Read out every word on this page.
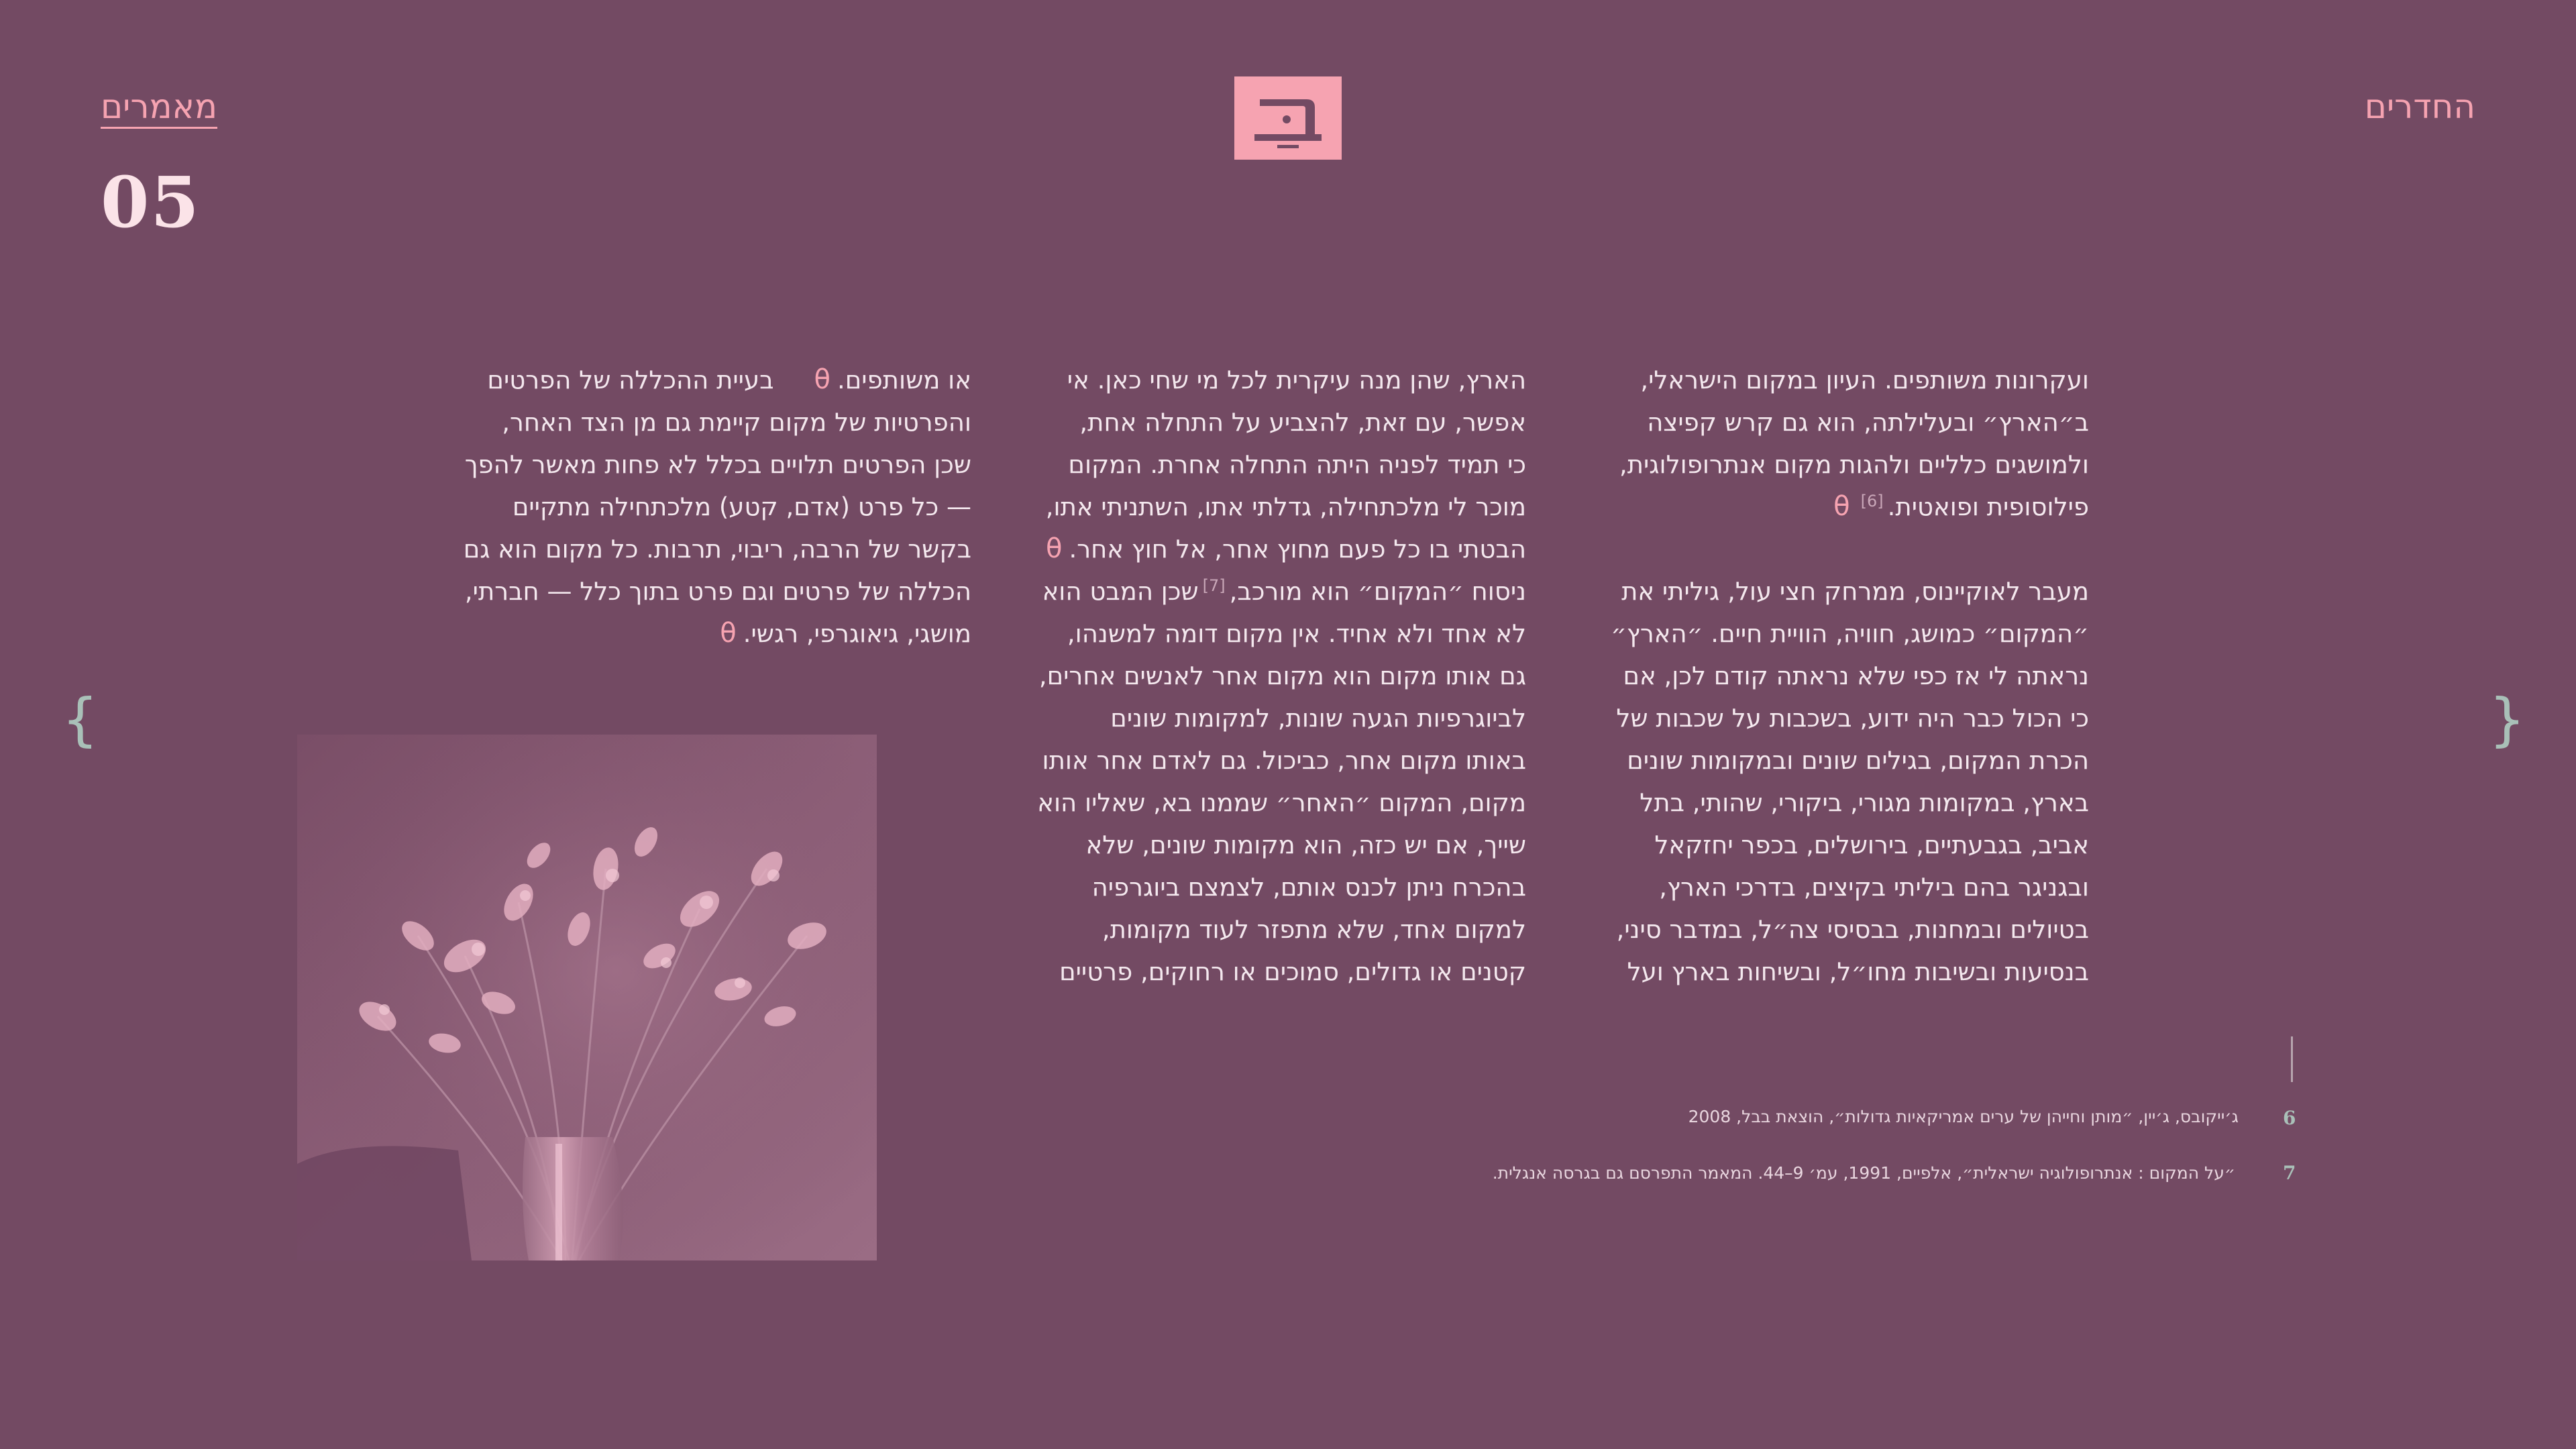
מאמרים
05
החדרים
{	}

ועקרונות משותפים. העיון במקום הישראלי,
ב״הארץ״ ובעלילתה, הוא גם קרש קפיצה
ולמושגים כלליים ולהגות מקום אנתרופולוגית,
פילוסופית ופואטית.[6]θ

מעבר לאוקיינוס, ממרחק חצי עול, גיליתי את
״המקום״ כמושג, חוויה, הוויית חיים. ״הארץ״
נראתה לי אז כפי שלא נראתה קודם לכן, אם
כי הכול כבר היה ידוע, בשכבות על שכבות של
הכרת המקום, בגילים שונים ובמקומות שונים
בארץ, במקומות מגורי, ביקורי, שהותי, בתל
אביב, בגבעתיים, בירושלים, בכפר יחזקאל
ובגניגר בהם ביליתי בקיצים, בדרכי הארץ,
בטיולים ובמחנות, בבסיסי צה״ל, במדבר סיני,
בנסיעות ובשיבות מחו״ל, ובשיחות בארץ ועל

הארץ, שהן מנה עיקרית לכל מי שחי כאן. אי
אפשר, עם זאת, להצביע על התחלה אחת,
כי תמיד לפניה היתה התחלה אחרת. המקום
מוכר לי מלכתחילה, גדלתי אתו, השתניתי אתו,
הבטתי בו כל פעם מחוץ אחר, אל חוץ אחר.θ
ניסוח ״המקום״ הוא מורכב,[7]שכן המבט הוא
לא אחד ולא אחיד. אין מקום דומה למשנהו,
גם אותו מקום הוא מקום אחר לאנשים אחרים,
לביוגרפיות הגעה שונות, למקומות שונים
באותו מקום אחר, כביכול. גם לאדם אחר אותו
מקום, המקום ״האחר״ שממנו בא, שאליו הוא
שייך, אם יש כזה, הוא מקומות שונים, שלא
בהכרח ניתן לכנס אותם, לצמצם ביוגרפיה
למקום אחד, שלא מתפזר לעוד מקומות,
קטנים או גדולים, סמוכים או רחוקים, פרטיים

או משותפים.θבעיית ההכללה של הפרטים
והפרטיות של מקום קיימת גם מן הצד האחר,
שכן הפרטים תלויים בכלל לא פחות מאשר להפך
— כל פרט (אדם, קטע) מלכתחילה מתקיים
בקשר של הרבה, ריבוי, תרבות. כל מקום הוא גם
הכללה של פרטים וגם פרט בתוך כלל — חברתי,
מושגי, גיאוגרפי, רגשי.θ

6
ג׳ייקובס, ג׳יין, ״מותן וחייהן של ערים אמריקאיות גדולות״, הוצאת בבל, 2008
7
״על המקום : אנתרופולוגיה ישראלית״, אלפיים, 1991, עמ׳ 9–44. המאמר התפרסם גם בגרסה אנגלית.
